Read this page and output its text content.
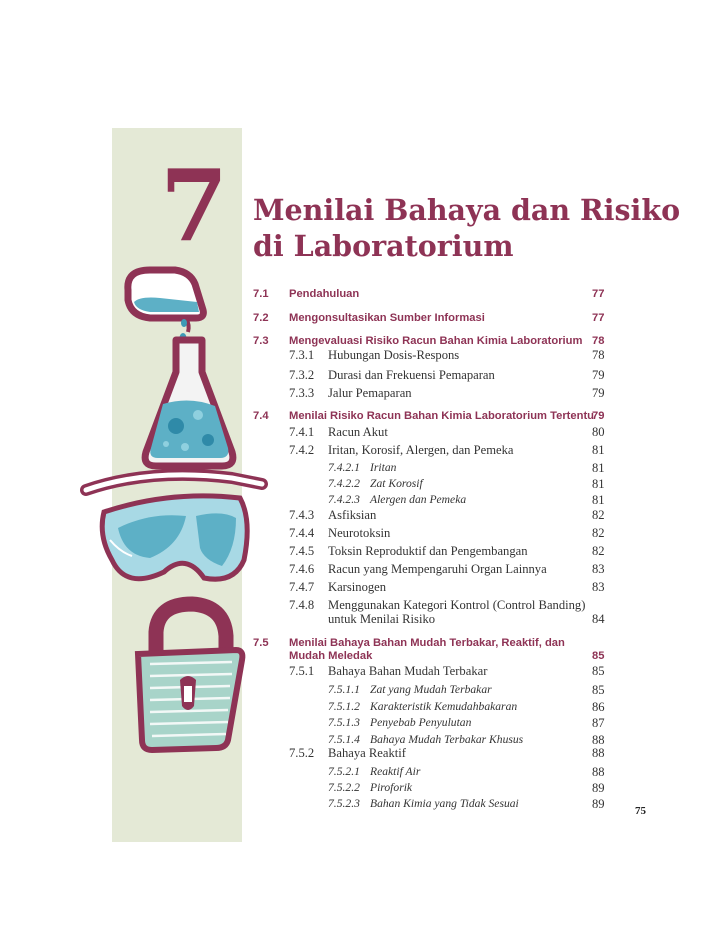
7 Menilai Bahaya dan Risiko di Laboratorium
7.1 Pendahuluan	77
7.2 Mengonsultasikan Sumber Informasi	77
7.3 Mengevaluasi Risiko Racun Bahan Kimia Laboratorium 78
7.3.1 Hubungan Dosis-Respons	78
7.3.2 Durasi dan Frekuensi Pemaparan	79
7.3.3 Jalur Pemaparan	79
7.4 Menilai Risiko Racun Bahan Kimia Laboratorium Tertentu
79
7.4.1 Racun Akut	80
7.4.2 Iritan, Korosif, Alergen, dan Pemeka	81
7.4.2.1 Iritan	81
7.4.2.2 Zat Korosif	81
7.4.2.3 Alergen dan Pemeka	81
7.4.3 Asfiksian	82
7.4.4 Neurotoksin	82
7.4.5 Toksin Reproduktif dan Pengembangan	82
7.4.6 Racun yang Mempengaruhi Organ Lainnya	83
7.4.7 Karsinogen	83
7.4.8 Menggunakan Kategori Kontrol (Control Banding)
untuk Menilai Risiko	84
7.5 Menilai Bahaya Bahan Mudah Terbakar, Reaktif, dan
Mudah Meledak	85
7.5.1 Bahaya Bahan Mudah Terbakar	85
7.5.1.1 Zat yang Mudah Terbakar	85
7.5.1.2 Karakteristik Kemudahbakaran	86
7.5.1.3 Penyebab Penyulutan	87
7.5.1.4 Bahaya Mudah Terbakar Khusus	88
7.5.2 Bahaya Reaktif	88
7.5.2.1 Reaktif Air	88
7.5.2.2 Piroforik	89
7.5.2.3 Bahan Kimia yang Tidak Sesuai	89	75
